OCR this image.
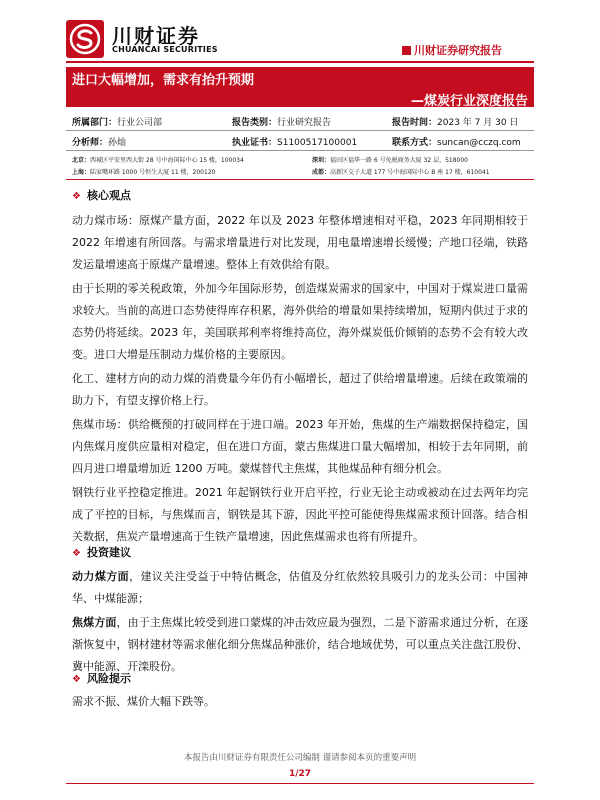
川财证券
CHUANCAI SECURITIES	川财证券研究报告
进口大幅增加，需求有抬升预期
—煤炭行业深度报告
所属部门：行业公司部	报告类别：行业研究报告	报告时间：2023 年 7 月 30 日
分析师：孙灿	执业证书：S1100517100001	联系方式：suncan@cczq.com
北京：西城区平安里西大街 28 号中海国际中心 15 楼，100034	深圳：福田区福华一路 6 号免税商务大厦 32 层，518000
上海：陆家嘴环路 1000 号恒生大厦 11 楼，200120	成都：高新区交子大道 177 号中海国际中心 B 座 17 楼，610041
❖ 核心观点
动力煤市场：原煤产量方面，2022 年以及 2023 年整体增速相对平稳，2023 年同期相较于 2022 年增速有所回落。与需求增量进行对比发现，用电量增速增长缓慢；产地口径端，铁路发运量增速高于原煤产量增速。整体上有效供给有限。
由于长期的零关税政策，外加今年国际形势，创造煤炭需求的国家中，中国对于煤炭进口量需求较大。当前的高进口态势使得库存积累，海外供给的增量如果持续增加，短期内供过于求的态势仍将延续。2023 年，美国联邦利率将维持高位，海外煤炭低价倾销的态势不会有较大改变。进口大增是压制动力煤价格的主要原因。
化工、建材方向的动力煤的消费量今年仍有小幅增长，超过了供给增量增速。后续在政策端的助力下，有望支撑价格上行。
焦煤市场：供给概预的打破同样在于进口端。2023 年开始，焦煤的生产端数据保持稳定，国内焦煤月度供应量相对稳定，但在进口方面，蒙古焦煤进口量大幅增加，相较于去年同期，前四月进口增量增加近 1200 万吨。蒙煤替代主焦煤，其他煤品种有细分机会。
钢铁行业平控稳定推进。2021 年起钢铁行业开启平控，行业无论主动或被动在过去两年均完成了平控的目标，与焦煤而言，钢铁是其下游，因此平控可能使得焦煤需求预计回落。结合相关数据，焦炭产量增速高于生铁产量增速，因此焦煤需求也将有所提升。
❖ 投资建议
动力煤方面，建议关注受益于中特估概念，估值及分红依然较具吸引力的龙头公司：中国神华、中煤能源；
焦煤方面，由于主焦煤比较受到进口蒙煤的冲击效应最为强烈，二是下游需求通过分析，在逐渐恢复中，钢材建材等需求催化细分焦煤品种涨价，结合地域优势，可以重点关注盘江股份、冀中能源、开滦股份。
❖ 风险提示
需求不振、煤价大幅下跌等。
本报告由川财证券有限责任公司编制 谨请参阅本页的重要声明
1/27
